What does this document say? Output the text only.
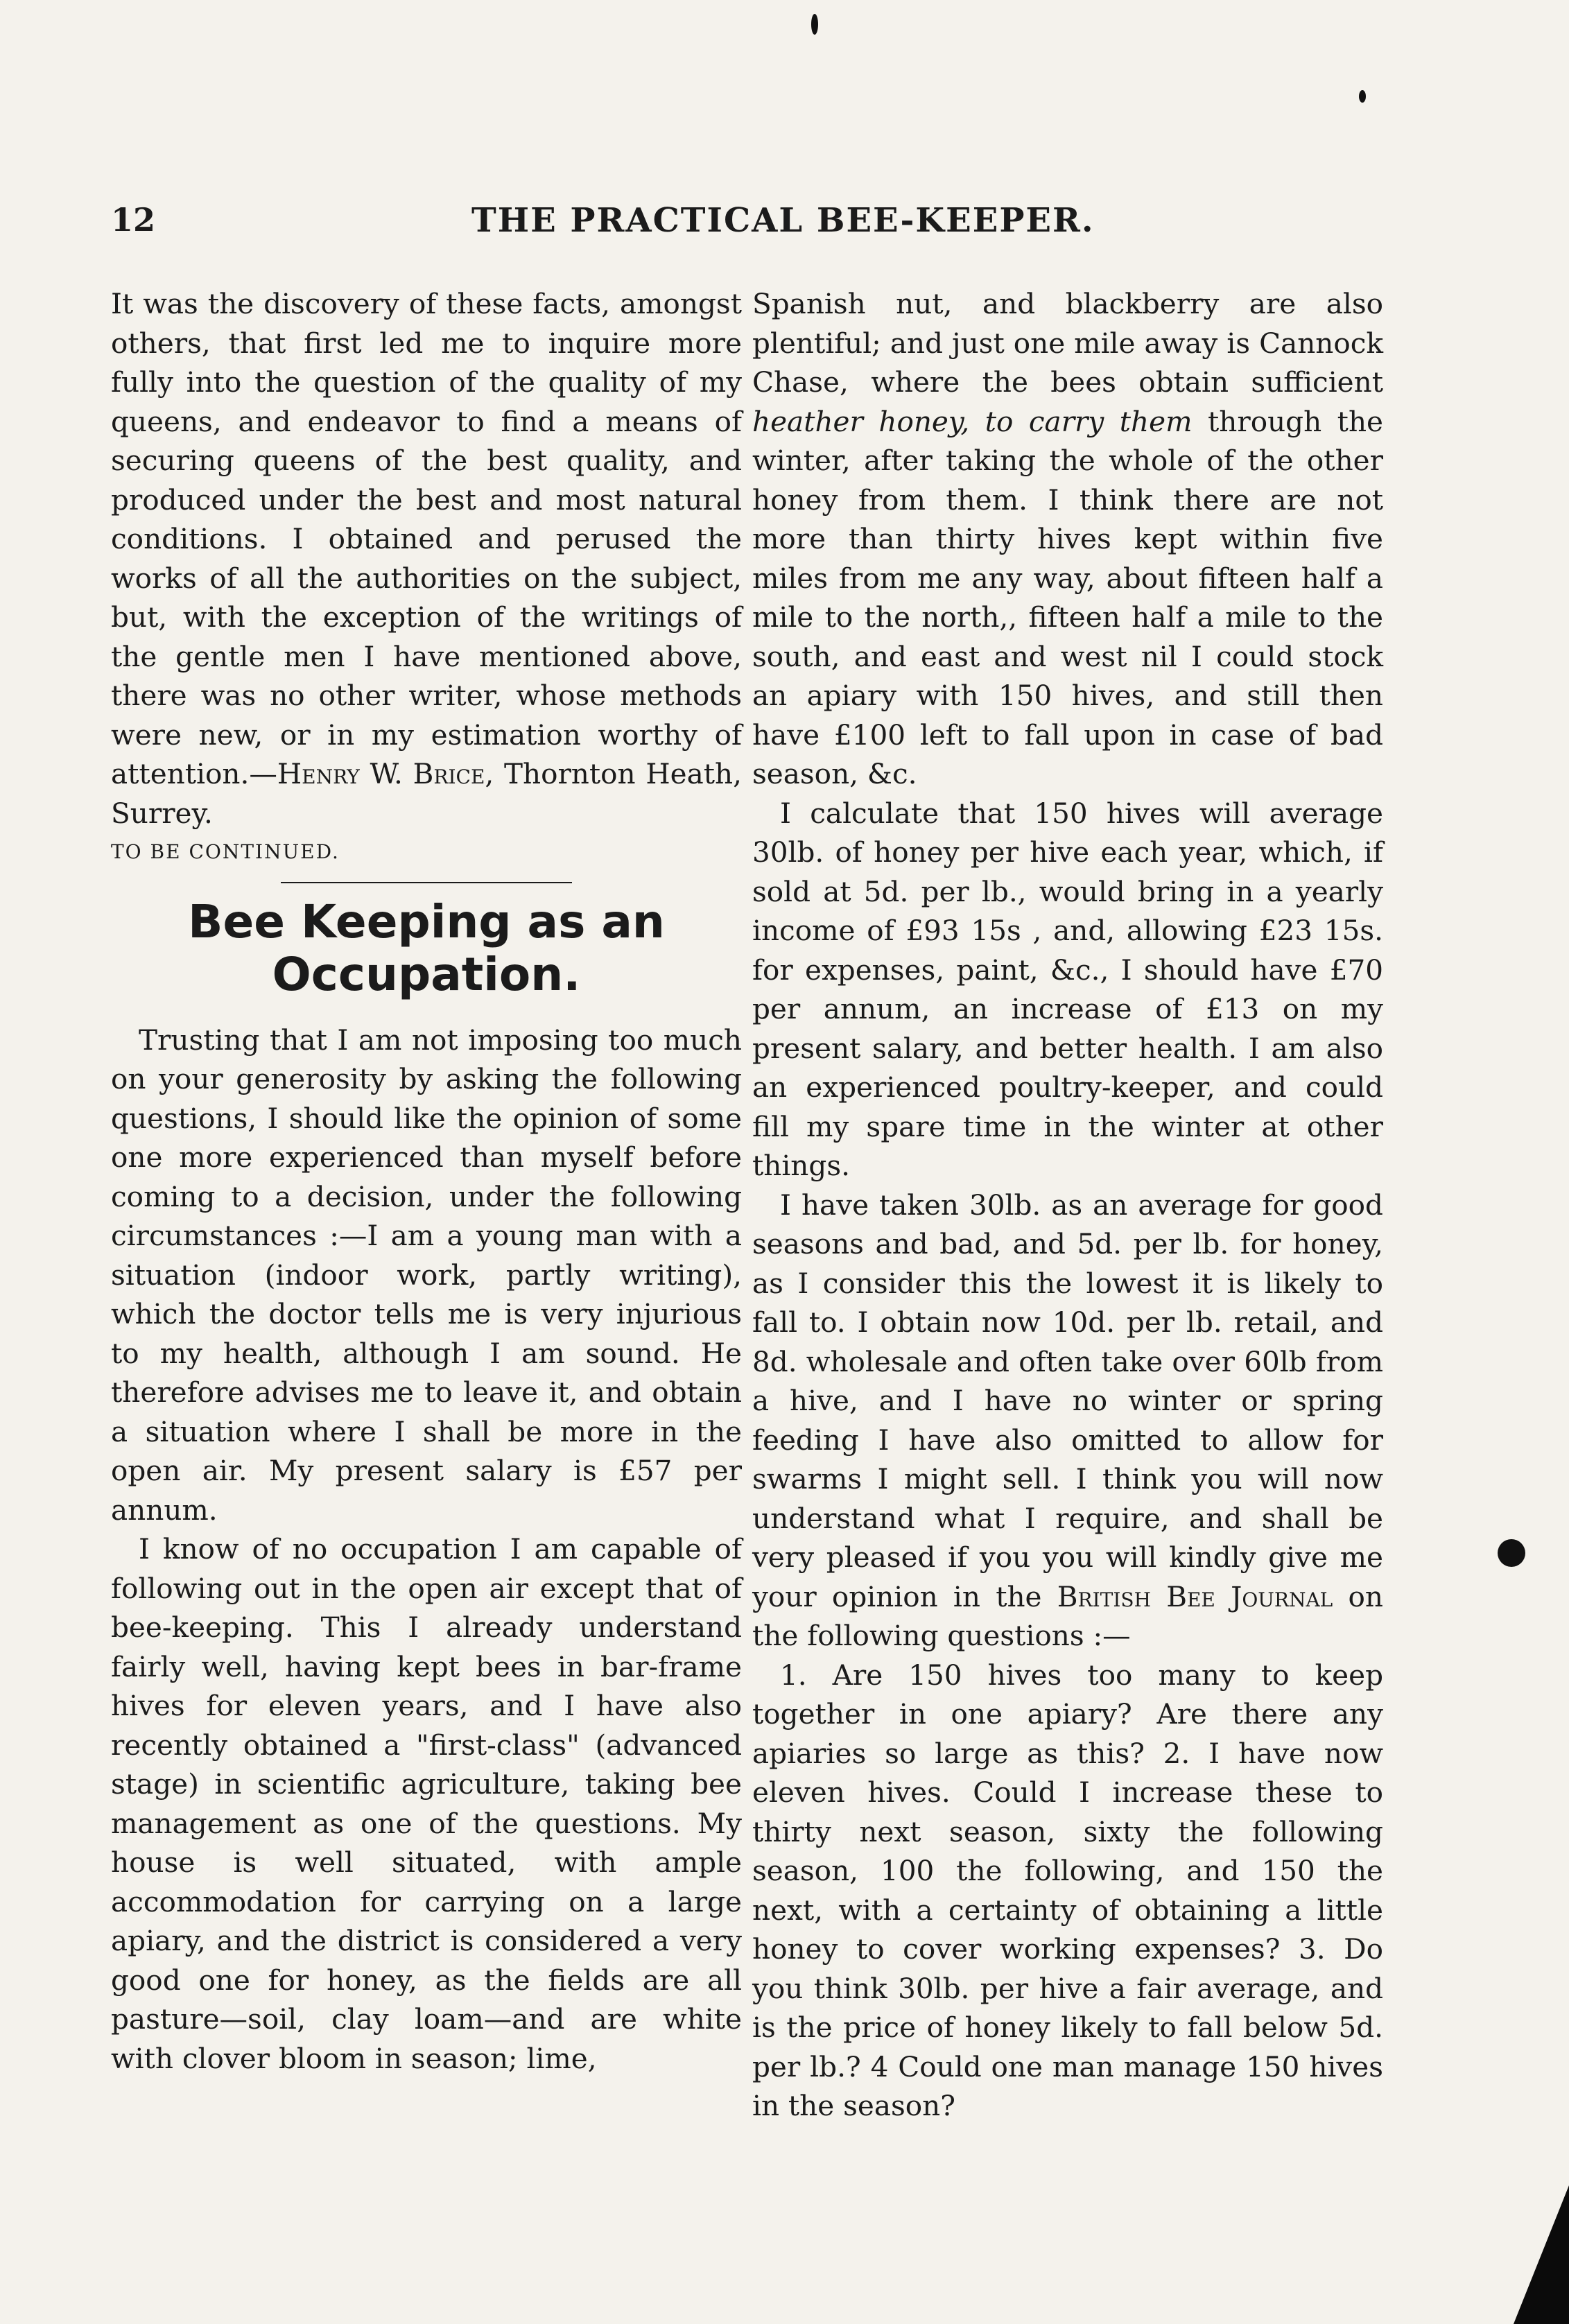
12	THE PRACTICAL BEE-KEEPER.

It was the discovery of these facts, amongst others, that first led me to inquire more fully into the question of the quality of my queens, and endeavor to find a means of securing queens of the best quality, and produced under the best and most natural conditions. I obtained and perused the works of all the authorities on the subject, but, with the exception of the writings of the gentle men I have mentioned above, there was no other writer, whose methods were new, or in my estimation worthy of attention.—Henry W. Brice, Thornton Heath, Surrey.

TO BE CONTINUED.

Bee Keeping as an Occupation.

Trusting that I am not imposing too much on your generosity by asking the following questions, I should like the opinion of some one more experienced than myself before coming to a decision, under the following circumstances :—I am a young man with a situation (indoor work, partly writing), which the doctor tells me is very injurious to my health, although I am sound. He therefore advises me to leave it, and obtain a situation where I shall be more in the open air. My present salary is £57 per annum.

I know of no occupation I am capable of following out in the open air except that of bee-keeping. This I already understand fairly well, having kept bees in bar-frame hives for eleven years, and I have also recently obtained a "first-class" (advanced stage) in scientific agriculture, taking bee management as one of the questions. My house is well situated, with ample accommodation for carrying on a large apiary, and the district is considered a very good one for honey, as the fields are all pasture—soil, clay loam—and are white with clover bloom in season; lime,

Spanish nut, and blackberry are also plentiful; and just one mile away is Cannock Chase, where the bees obtain sufficient heather honey, to carry them through the winter, after taking the whole of the other honey from them. I think there are not more than thirty hives kept within five miles from me any way, about fifteen half a mile to the north,, fifteen half a mile to the south, and east and west nil I could stock an apiary with 150 hives, and still then have £100 left to fall upon in case of bad season, &c.

I calculate that 150 hives will average 30lb. of honey per hive each year, which, if sold at 5d. per lb., would bring in a yearly income of £93 15s , and, allowing £23 15s. for expenses, paint, &c., I should have £70 per annum, an increase of £13 on my present salary, and better health. I am also an experienced poultry-keeper, and could fill my spare time in the winter at other things.

I have taken 30lb. as an average for good seasons and bad, and 5d. per lb. for honey, as I consider this the lowest it is likely to fall to. I obtain now 10d. per lb. retail, and 8d. wholesale and often take over 60lb from a hive, and I have no winter or spring feeding I have also omitted to allow for swarms I might sell. I think you will now understand what I require, and shall be very pleased if you you will kindly give me your opinion in the British Bee Journal on the following questions :—

1. Are 150 hives too many to keep together in one apiary? Are there any apiaries so large as this? 2. I have now eleven hives. Could I increase these to thirty next season, sixty the following season, 100 the following, and 150 the next, with a certainty of obtaining a little honey to cover working expenses? 3. Do you think 30lb. per hive a fair average, and is the price of honey likely to fall below 5d. per lb.? 4 Could one man manage 150 hives in the season?
